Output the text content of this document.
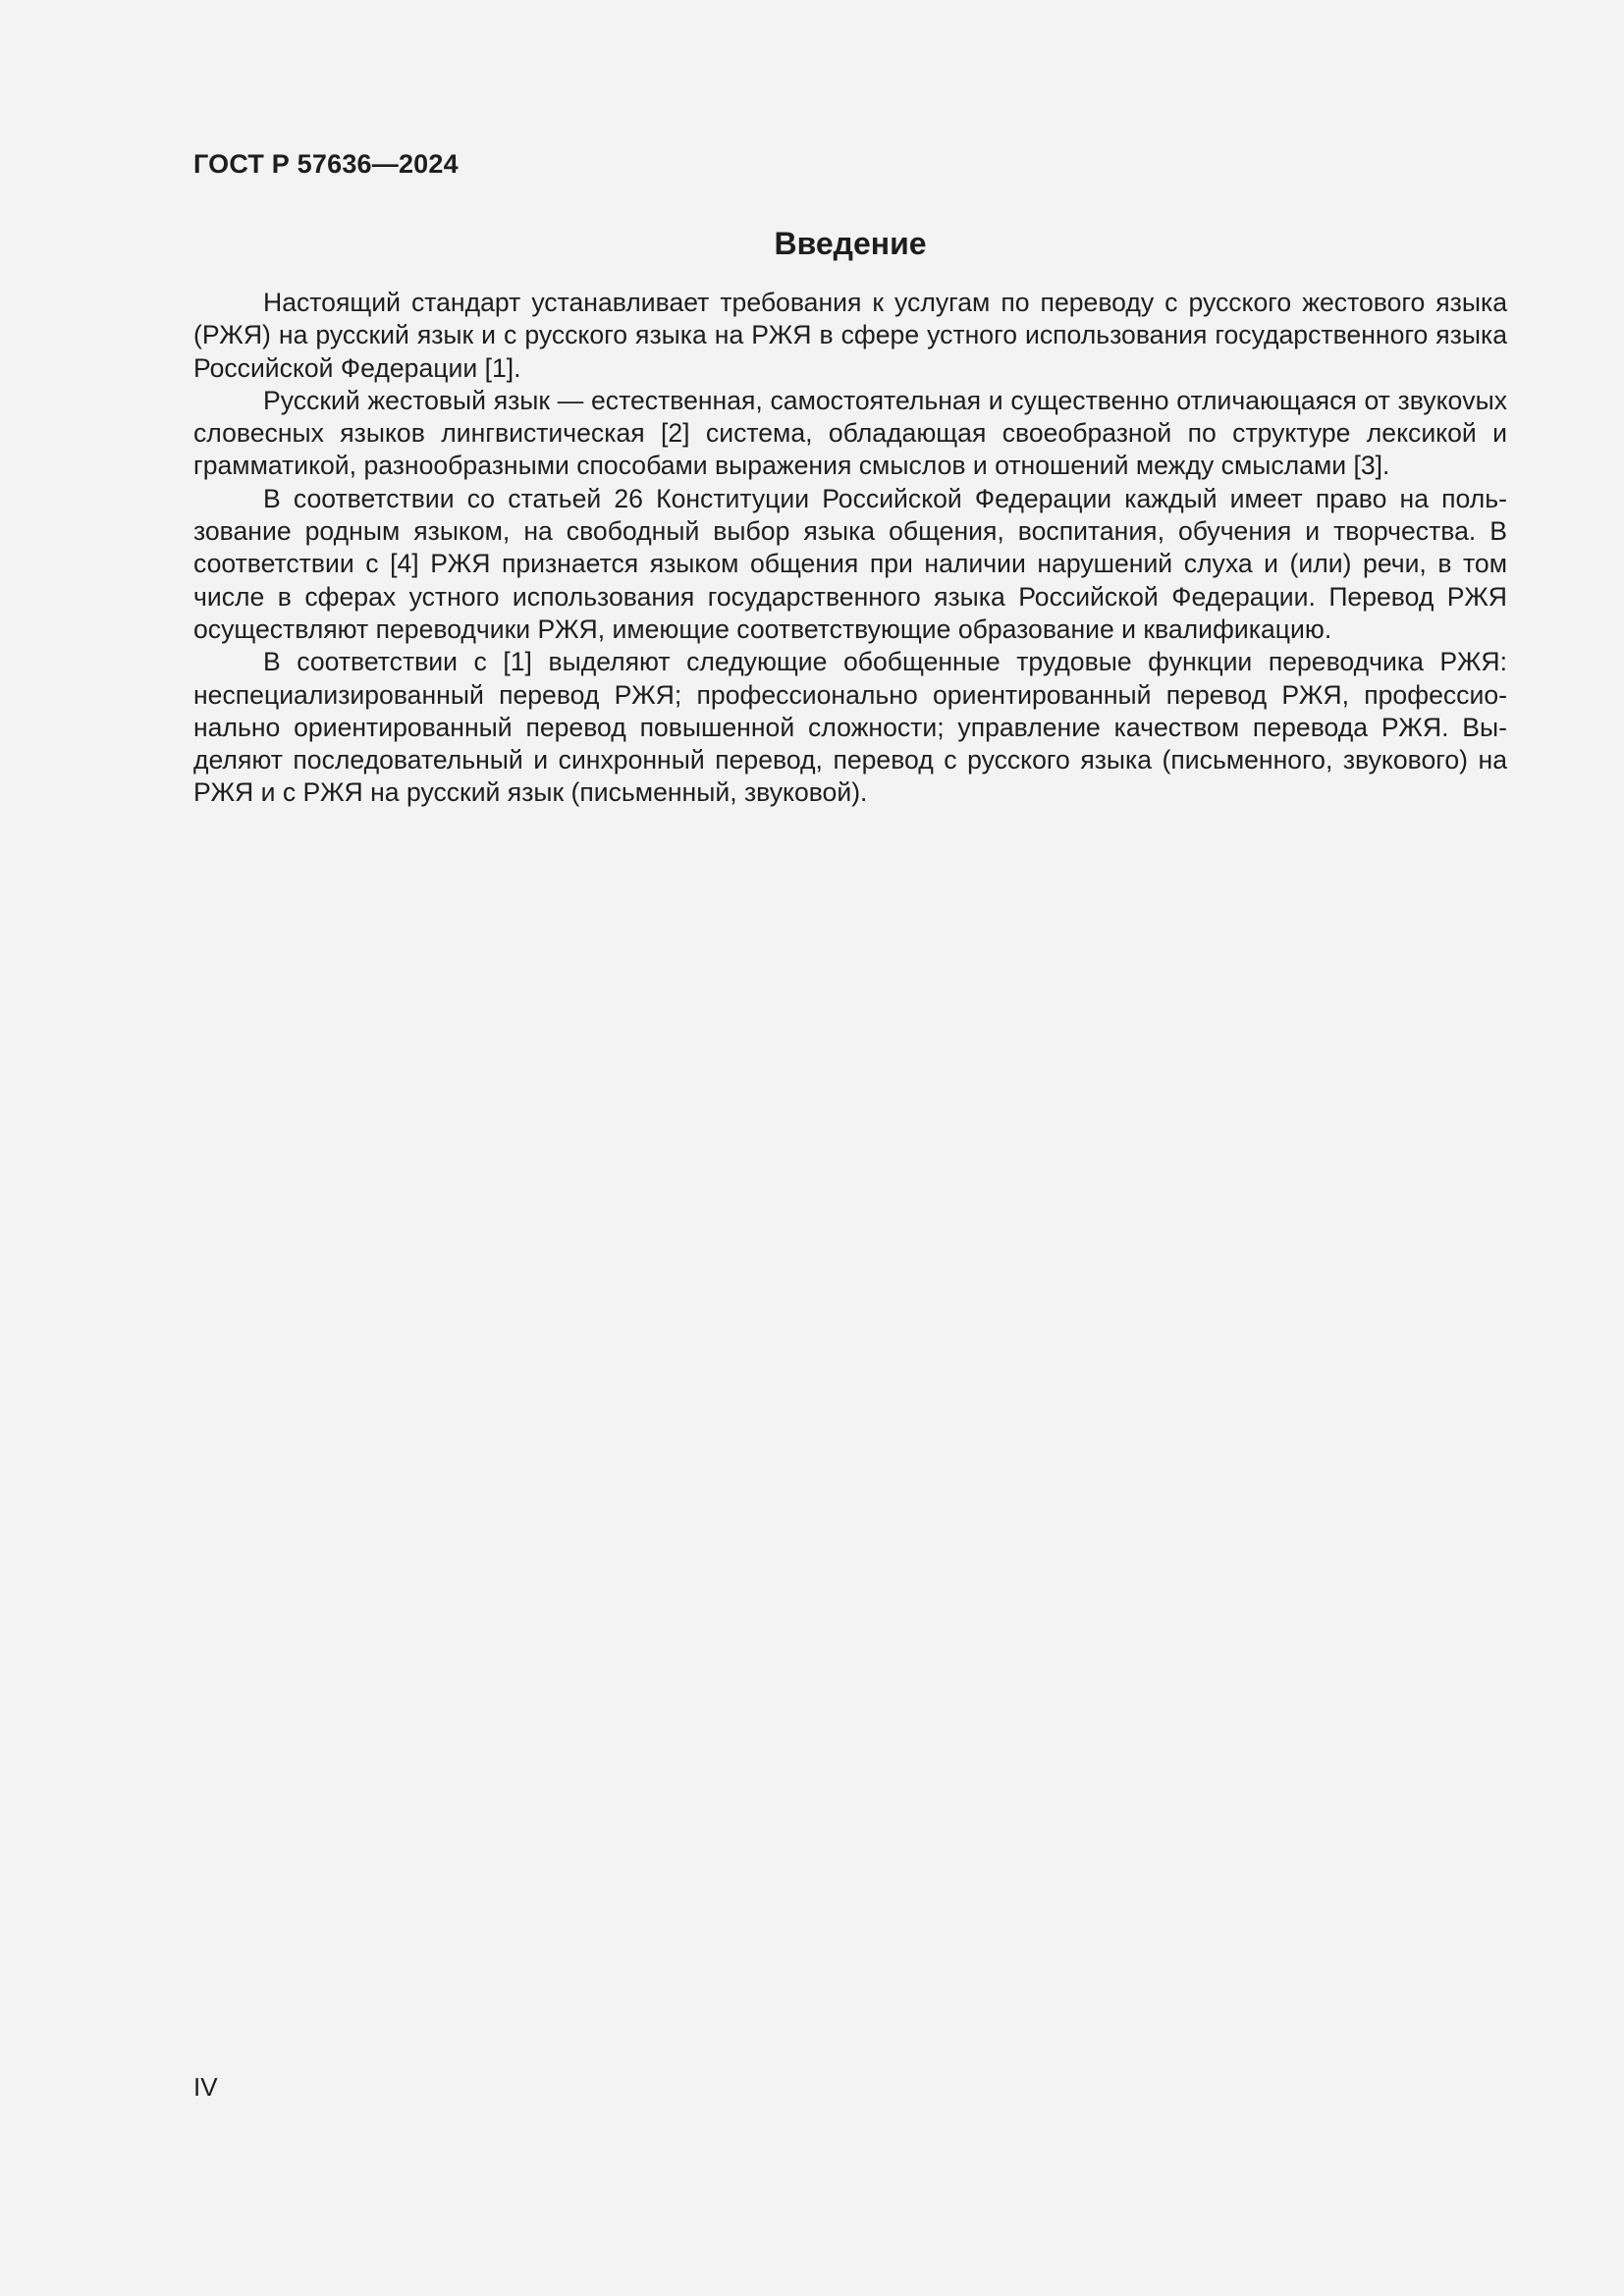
ГОСТ Р 57636—2024
Введение

Настоящий стандарт устанавливает требования к услугам по переводу с русского жестового языка (РЖЯ) на русский язык и с русского языка на РЖЯ в сфере устного использования государственного языка Российской Федерации [1].

Русский жестовый язык — естественная, самостоятельная и существенно отличающаяся от звукоvых словесных языков лингвистическая [2] система, обладающая своеобразной по структуре лексикой и грамматикой, разнообразными способами выражения смыслов и отношений между смыслами [3].

В соответствии со статьей 26 Конституции Российской Федерации каждый имеет право на пользование родным языком, на свободный выбор языка общения, воспитания, обучения и творчества. В соответствии с [4] РЖЯ признается языком общения при наличии нарушений слуха и (или) речи, в том числе в сферах устного использования государственного языка Российской Федерации. Перевод РЖЯ осуществляют переводчики РЖЯ, имеющие соответствующие образование и квалификацию.

В соответствии с [1] выделяют следующие обобщенные трудовые функции переводчика РЖЯ: неспециализированный перевод РЖЯ; профессионально ориентированный перевод РЖЯ, профессионально ориентированный перевод повышенной сложности; управление качеством перевода РЖЯ. Выделяют последовательный и синхронный перевод, перевод с русского языка (письменного, звукового) на РЖЯ и с РЖЯ на русский язык (письменный, звуковой).

IV
